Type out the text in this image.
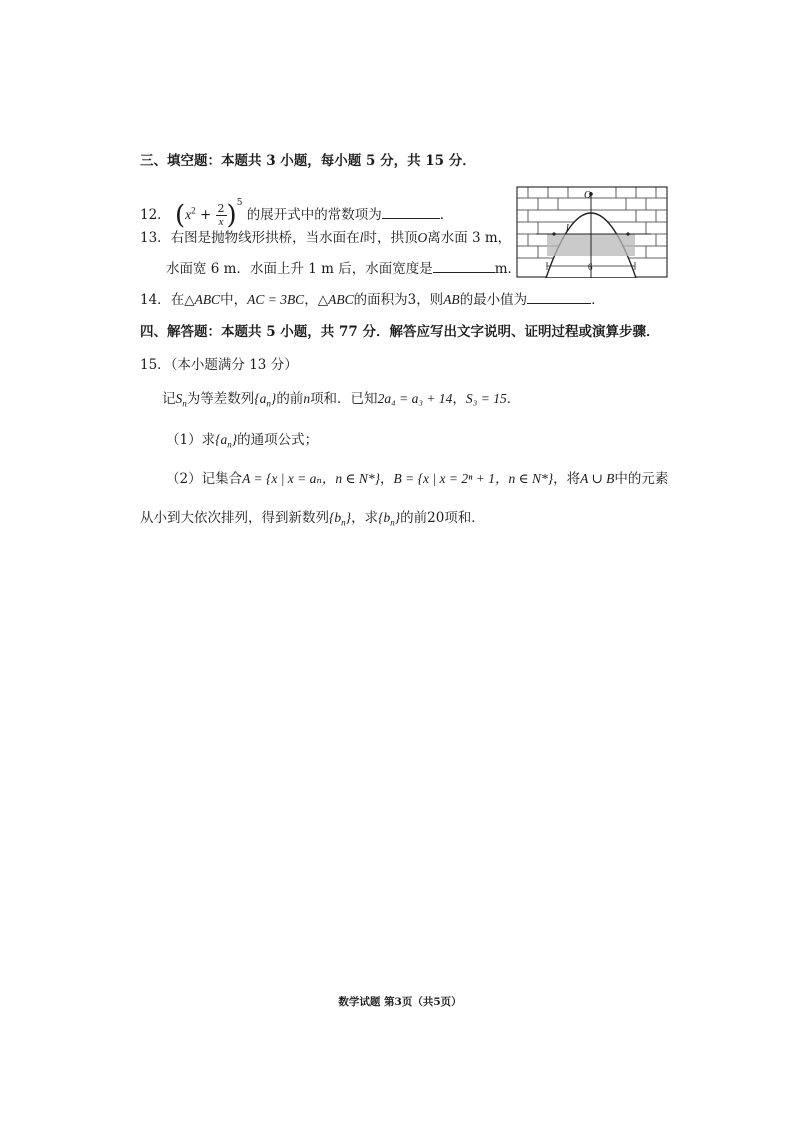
三、填空题：本题共 3 小题，每小题 5 分，共 15 分．
12． $(x^2 + \frac{2}{x} )^5$ 的展开式中的常数项为	．
13．右图是抛物线形拱桥，当水面在l时，拱顶O离水面 3 m，
水面宽 6 m．水面上升 1 m 后，水面宽度是	m．
O
l
6
14．在△ABC中，AC = 3BC，△ABC的面积为3，则AB的最小值为	．
四、解答题：本题共 5 小题，共 77 分．解答应写出文字说明、证明过程或演算步骤．
15．（本小题满分 13 分）
记$S_n$为等差数列$\{a_n\}$的前n项和．已知2a₄ = a₃ + 14，S₃ = 15．
（1）求$\{a_n\}$的通项公式；
（2）记集合A = {x | x = aₙ，n ∈ N*}，B = {x | x = 2ⁿ + 1，n ∈ N*}，将A ∪ B中的元素
从小到大依次排列，得到新数列$\{b_n\}$，求$\{b_n\}$的前20项和．
数学试题 第3页（共5页）
